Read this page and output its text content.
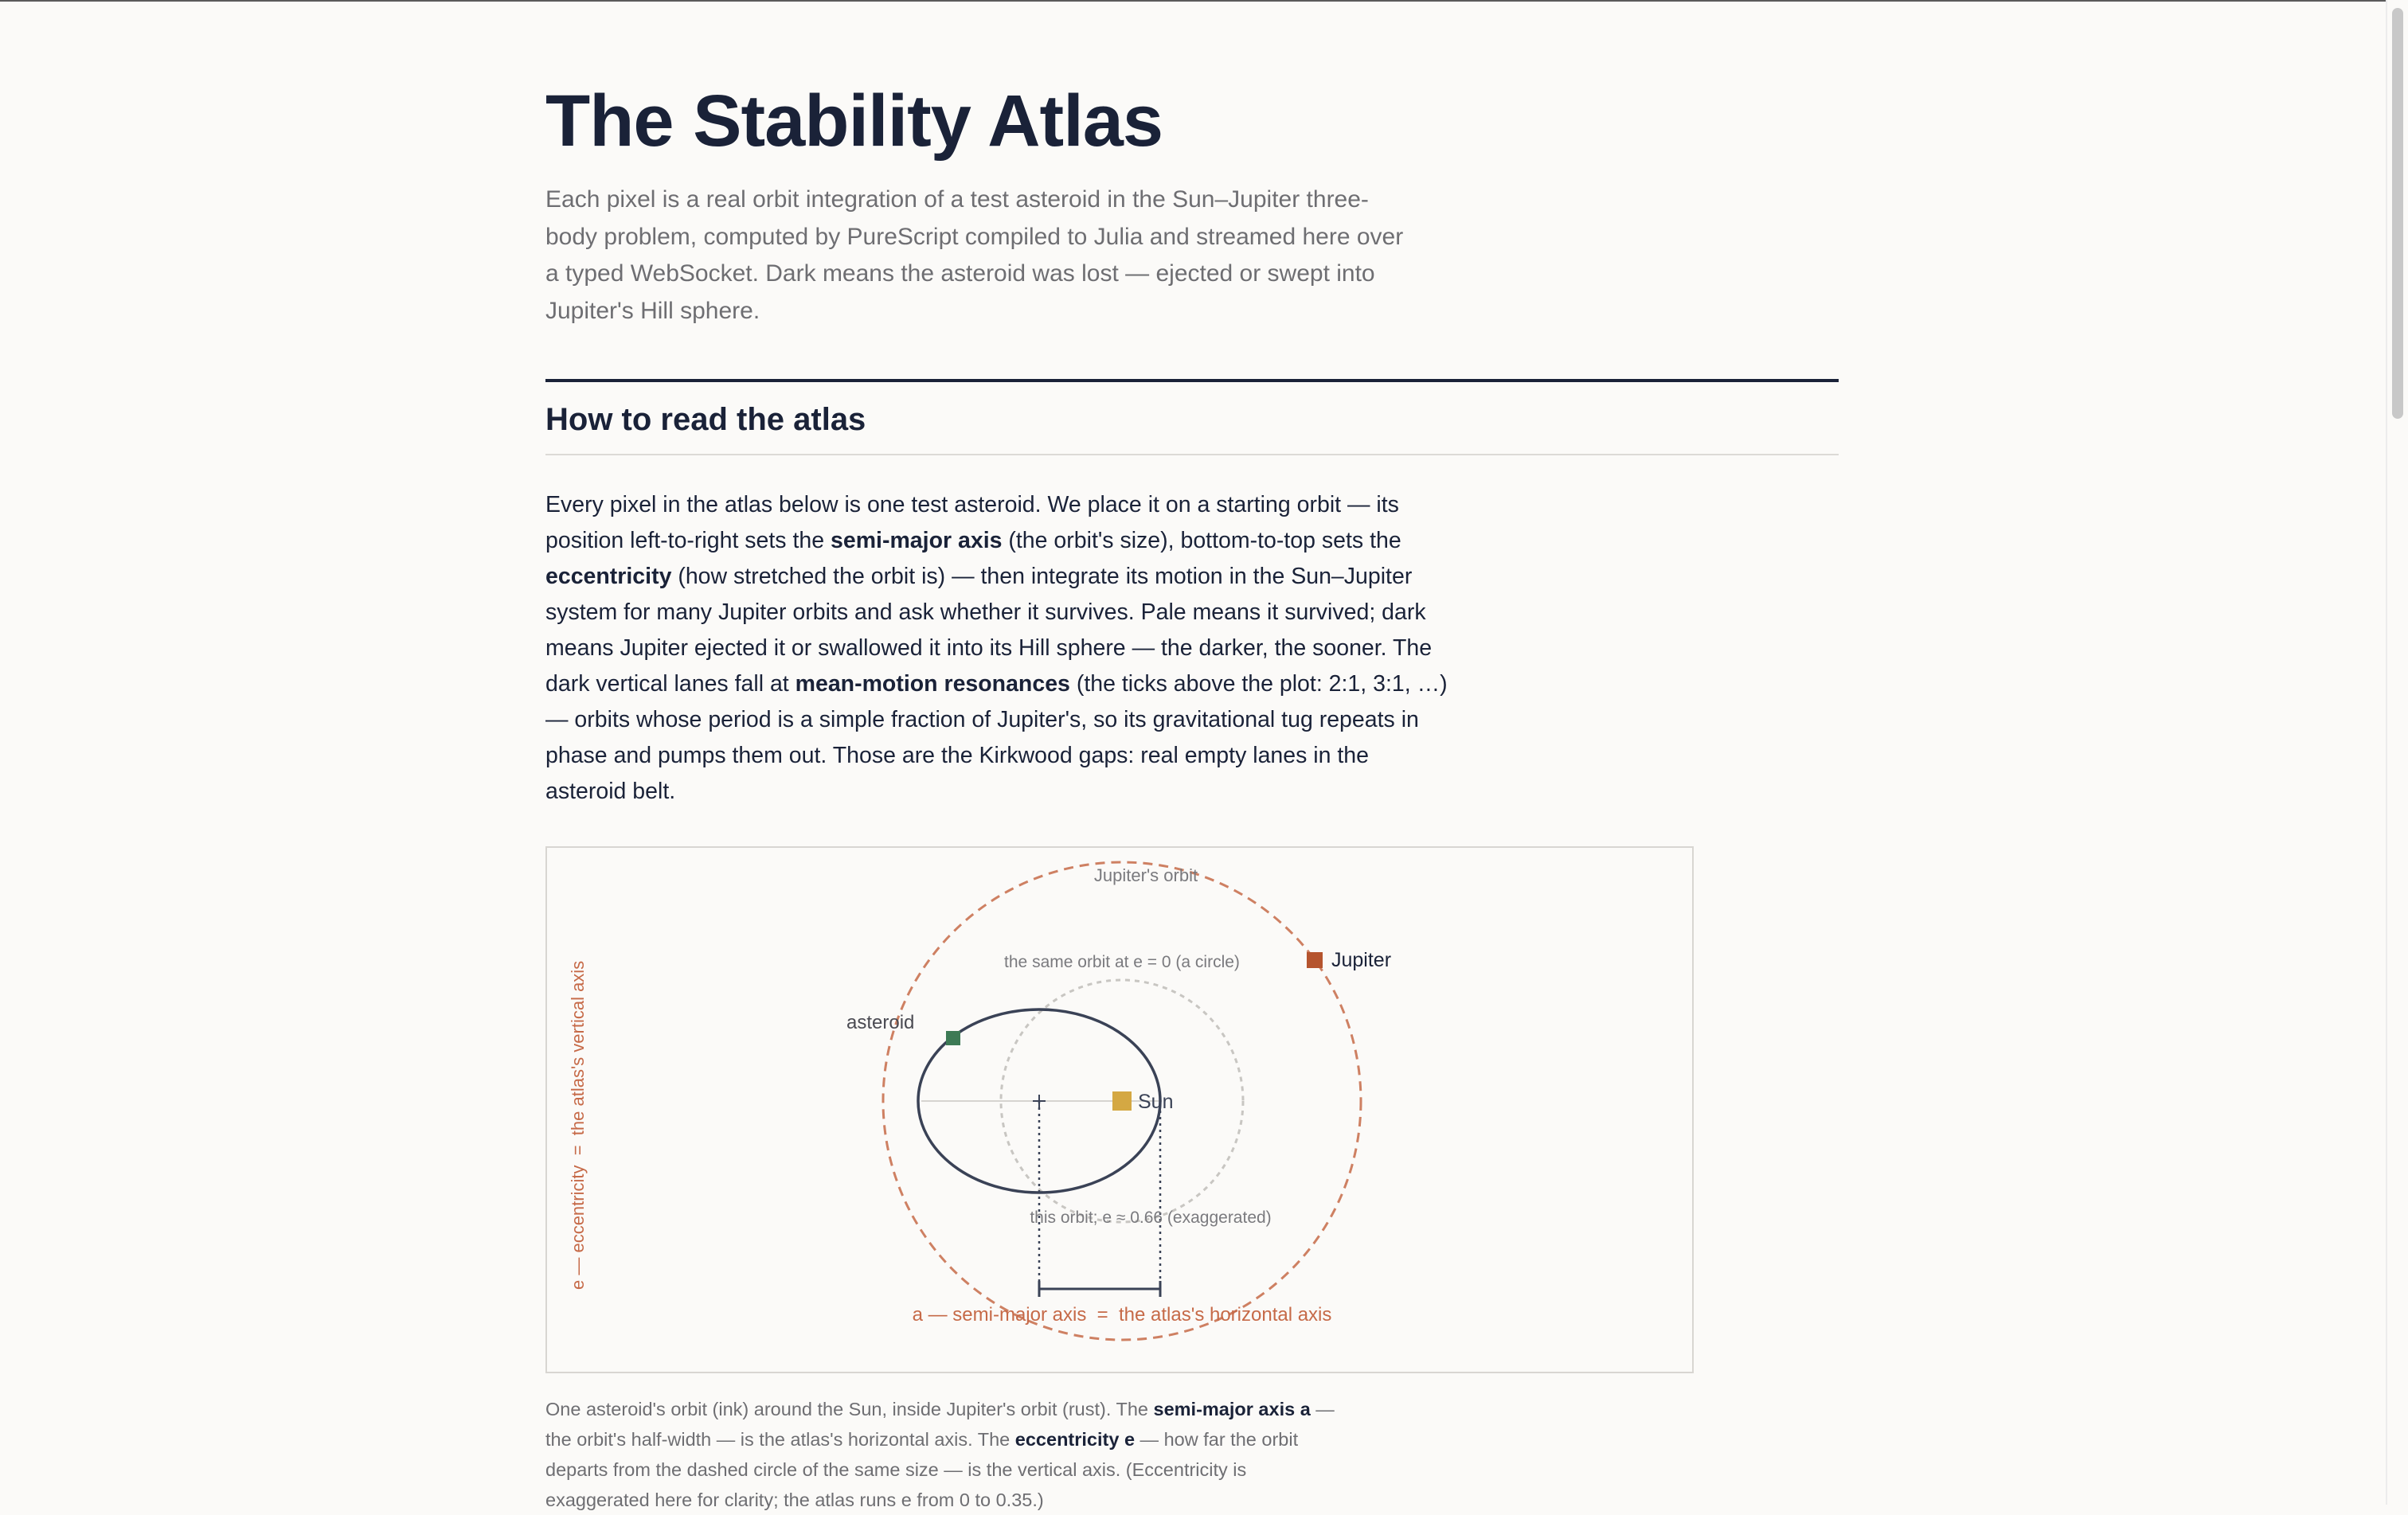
The Stability Atlas

Each pixel is a real orbit integration of a test asteroid in the Sun–Jupiter three-body problem, computed by PureScript compiled to Julia and streamed here over a typed WebSocket. Dark means the asteroid was lost — ejected or swept into Jupiter's Hill sphere.

How to read the atlas

Every pixel in the atlas below is one test asteroid. We place it on a starting orbit — its position left-to-right sets the semi-major axis (the orbit's size), bottom-to-top sets the eccentricity (how stretched the orbit is) — then integrate its motion in the Sun–Jupiter system for many Jupiter orbits and ask whether it survives. Pale means it survived; dark means Jupiter ejected it or swallowed it into its Hill sphere — the darker, the sooner. The dark vertical lanes fall at mean-motion resonances (the ticks above the plot: 2:1, 3:1, …) — orbits whose period is a simple fraction of Jupiter's, so its gravitational tug repeats in phase and pumps them out. Those are the Kirkwood gaps: real empty lanes in the asteroid belt.

Jupiter's orbit
Jupiter
the same orbit at e = 0 (a circle)
asteroid
Sun
this orbit; e ≈ 0.66 (exaggerated)
a — semi-major axis  =  the atlas's horizontal axis
e — eccentricity  =  the atlas's vertical axis

One asteroid's orbit (ink) around the Sun, inside Jupiter's orbit (rust). The semi-major axis a — the orbit's half-width — is the atlas's horizontal axis. The eccentricity e — how far the orbit departs from the dashed circle of the same size — is the vertical axis. (Eccentricity is exaggerated here for clarity; the atlas runs e from 0 to 0.35.)
